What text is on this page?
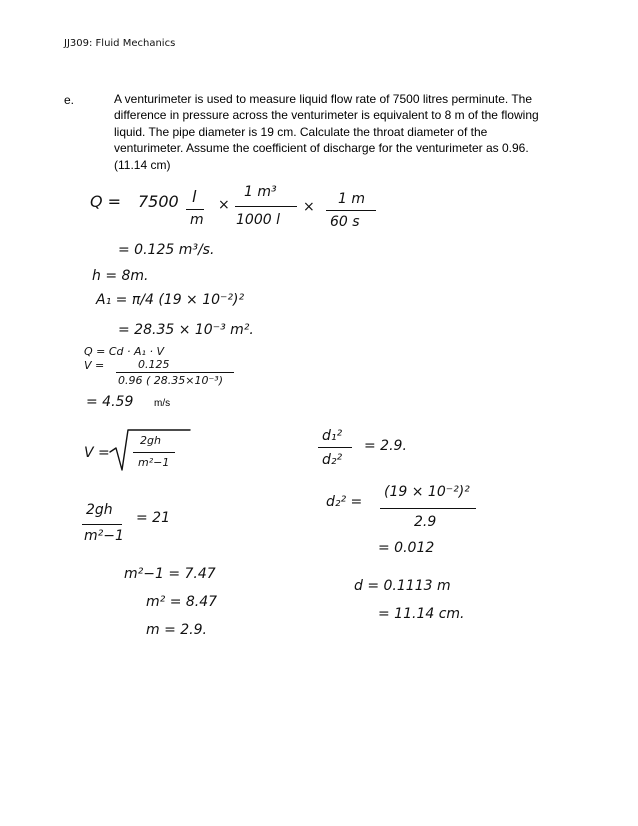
JJ309: Fluid Mechanics
e.	A venturimeter is used to measure liquid flow rate of 7500 litres perminute. The difference in pressure across the venturimeter is equivalent to 8 m of the flowing liquid. The pipe diameter is 19 cm. Calculate the throat diameter of the venturimeter. Assume the coefficient of discharge for the venturimeter as 0.96.(11.14 cm)
Q = 7500 l
m
×
1 m³
1000 l
× 1 m
60 s
= 0.125 m³/s.
h = 8m.
A₁ = π/4 (19 × 10⁻²)²
= 28.35 × 10⁻³ m².
Q = Cd · A₁ · V
V =	0.125
0.96 ( 28.35×10⁻³)
= 4.59 m/s
V =
2gh
m²−1
2gh
m²−1
= 21
m²−1 = 7.47
m² = 8.47
m = 2.9.
d₁²
d₂²
= 2.9.
d₂² =
(19 × 10⁻²)²
2.9
= 0.012
d = 0.1113 m
= 11.14 cm.
